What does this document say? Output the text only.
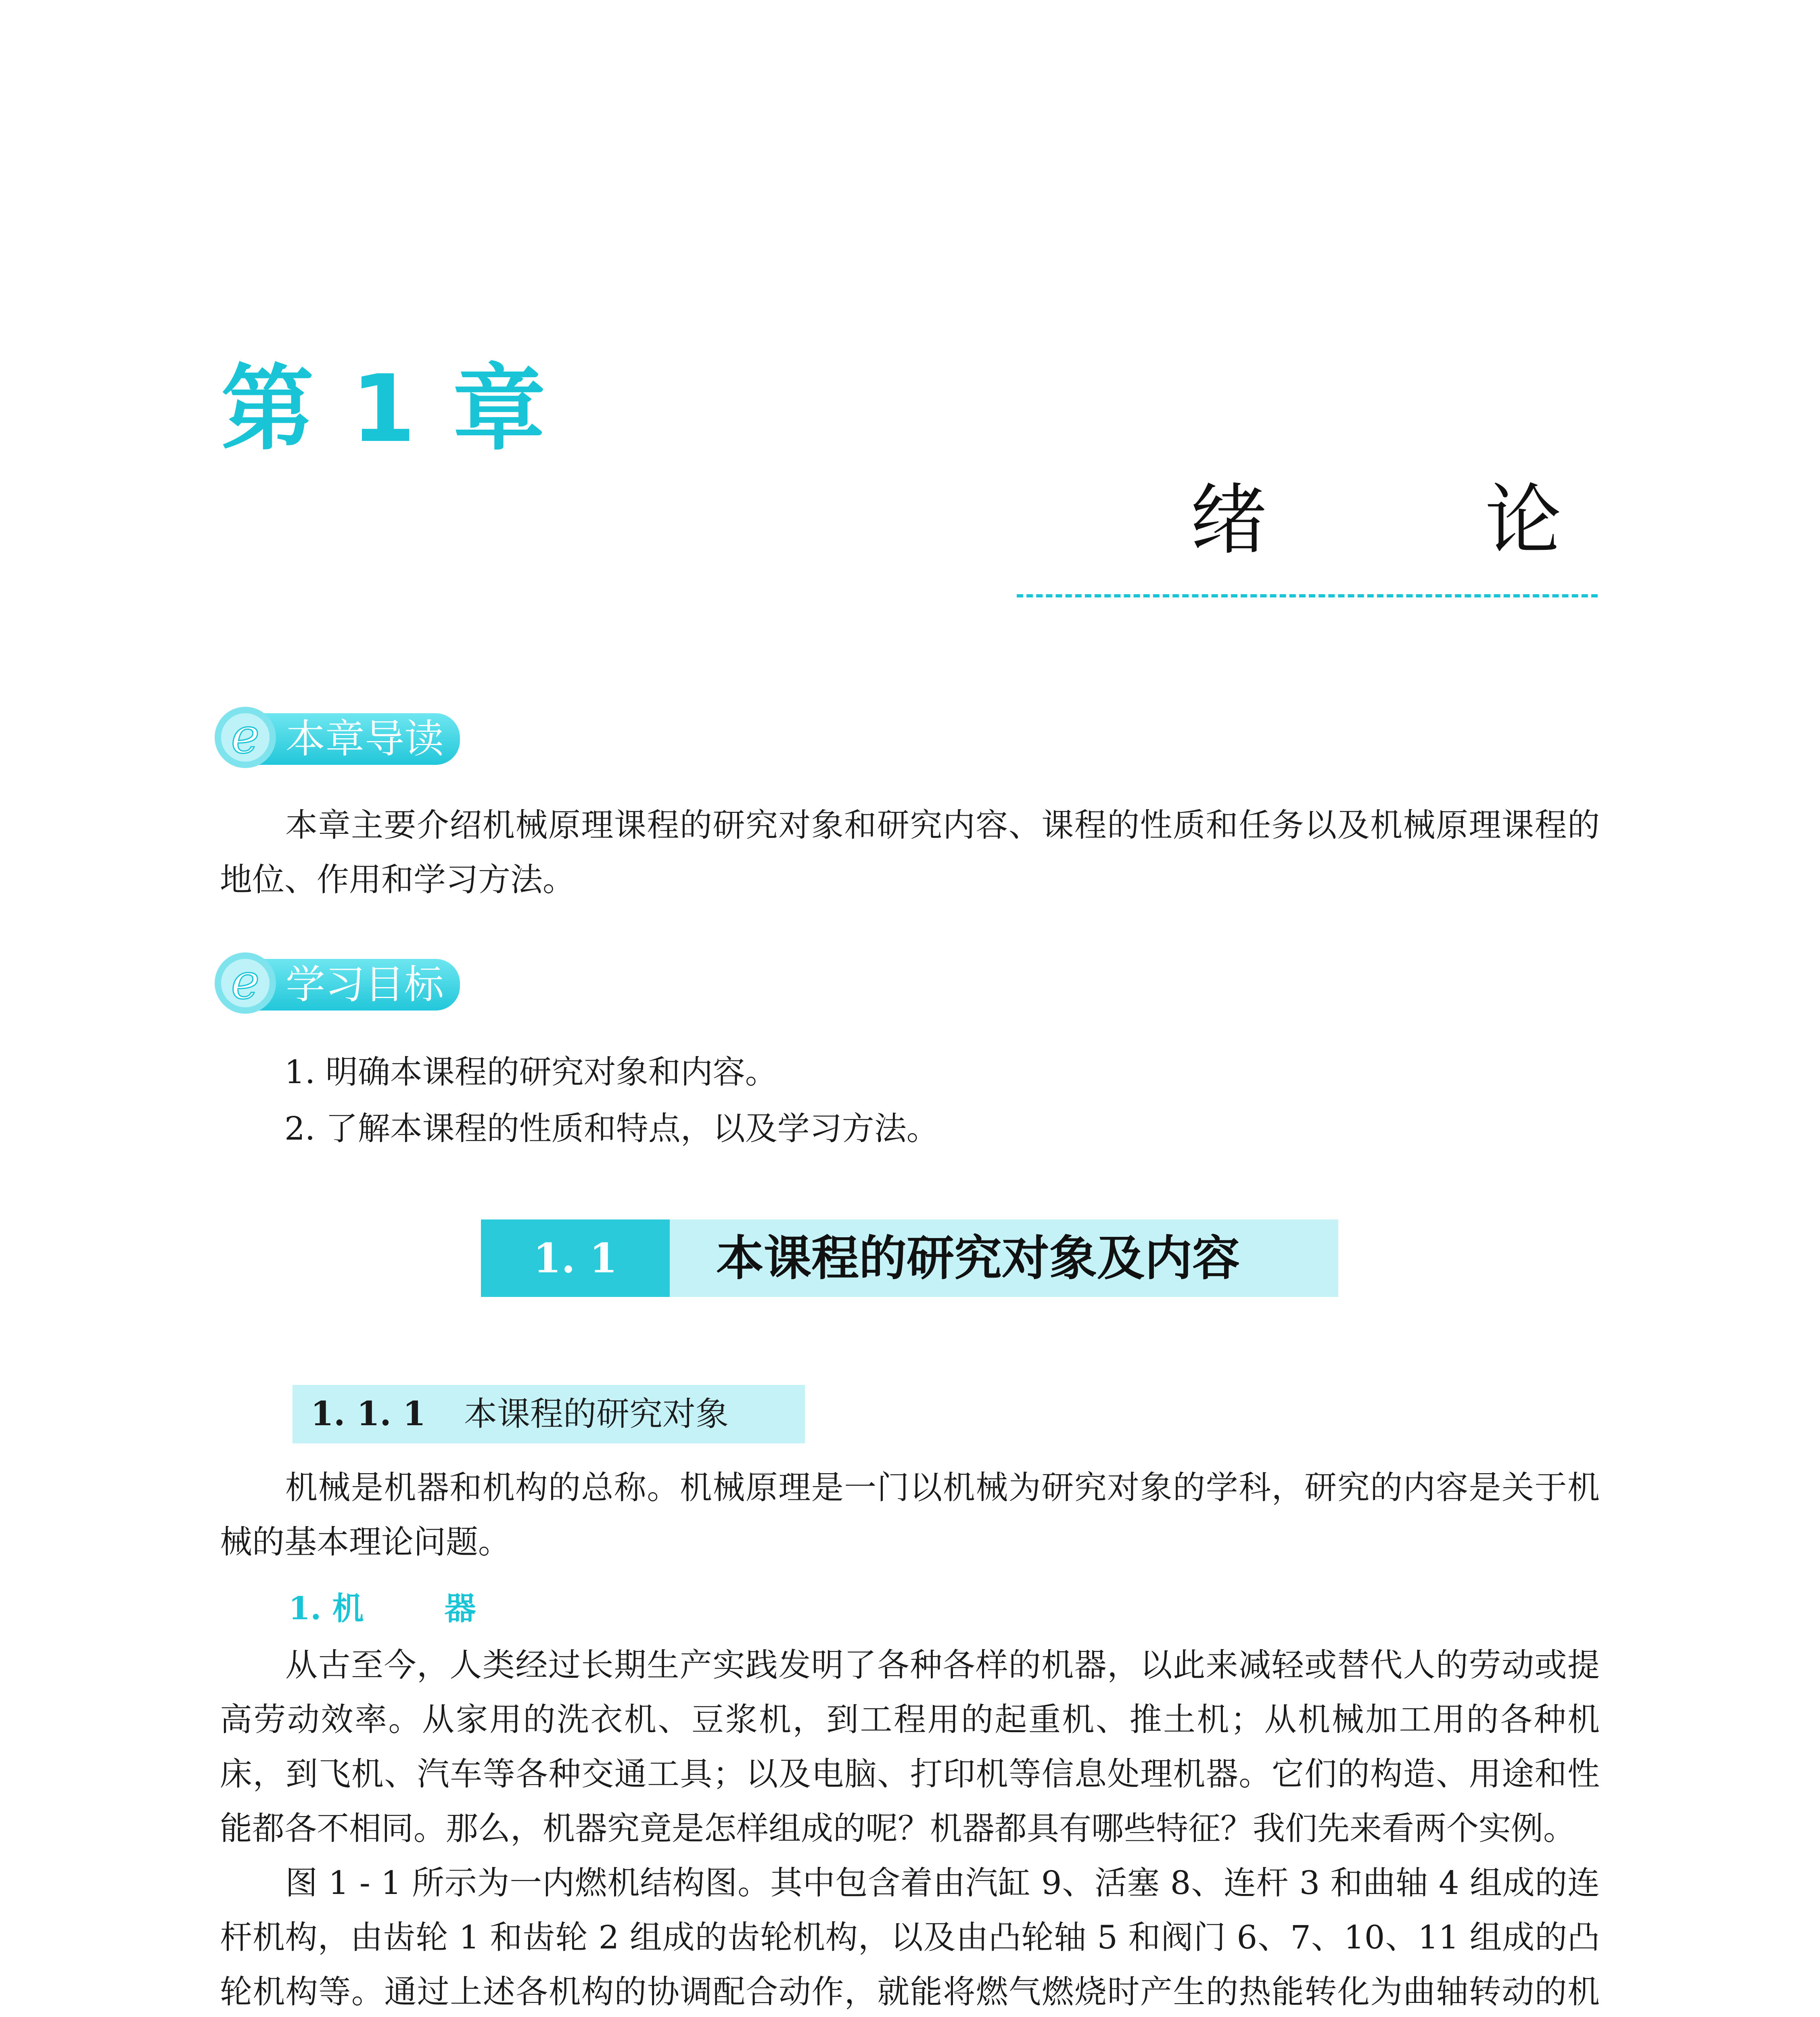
第 1 章
绪 论
本章导读
e

本章主要介绍机械原理课程的研究对象和研究内容、课程的性质和任务以及机械原理课程的地位、作用和学习方法。

学习目标
e
1. 明确本课程的研究对象和内容。
2. 了解本课程的性质和特点，以及学习方法。
1. 1	本课程的研究对象及内容
1. 1. 1 本课程的研究对象

机械是机器和机构的总称。机械原理是一门以机械为研究对象的学科，研究的内容是关于机械的基本理论问题。

1. 机	器

从古至今，人类经过长期生产实践发明了各种各样的机器，以此来减轻或替代人的劳动或提高劳动效率。从家用的洗衣机、豆浆机，到工程用的起重机、推土机；从机械加工用的各种机床，到飞机、汽车等各种交通工具；以及电脑、打印机等信息处理机器。它们的构造、用途和性能都各不相同。那么，机器究竟是怎样组成的呢？机器都具有哪些特征？我们先来看两个实例。

图 1 - 1 所示为一内燃机结构图。其中包含着由汽缸 9、活塞 8、连杆 3 和曲轴 4 组成的连杆机构，由齿轮 1 和齿轮 2 组成的齿轮机构，以及由凸轮轴 5 和阀门 6、7、10、11 组成的凸轮机构等。通过上述各机构的协调配合动作，就能将燃气燃烧时产生的热能转化为曲轴转动的机
